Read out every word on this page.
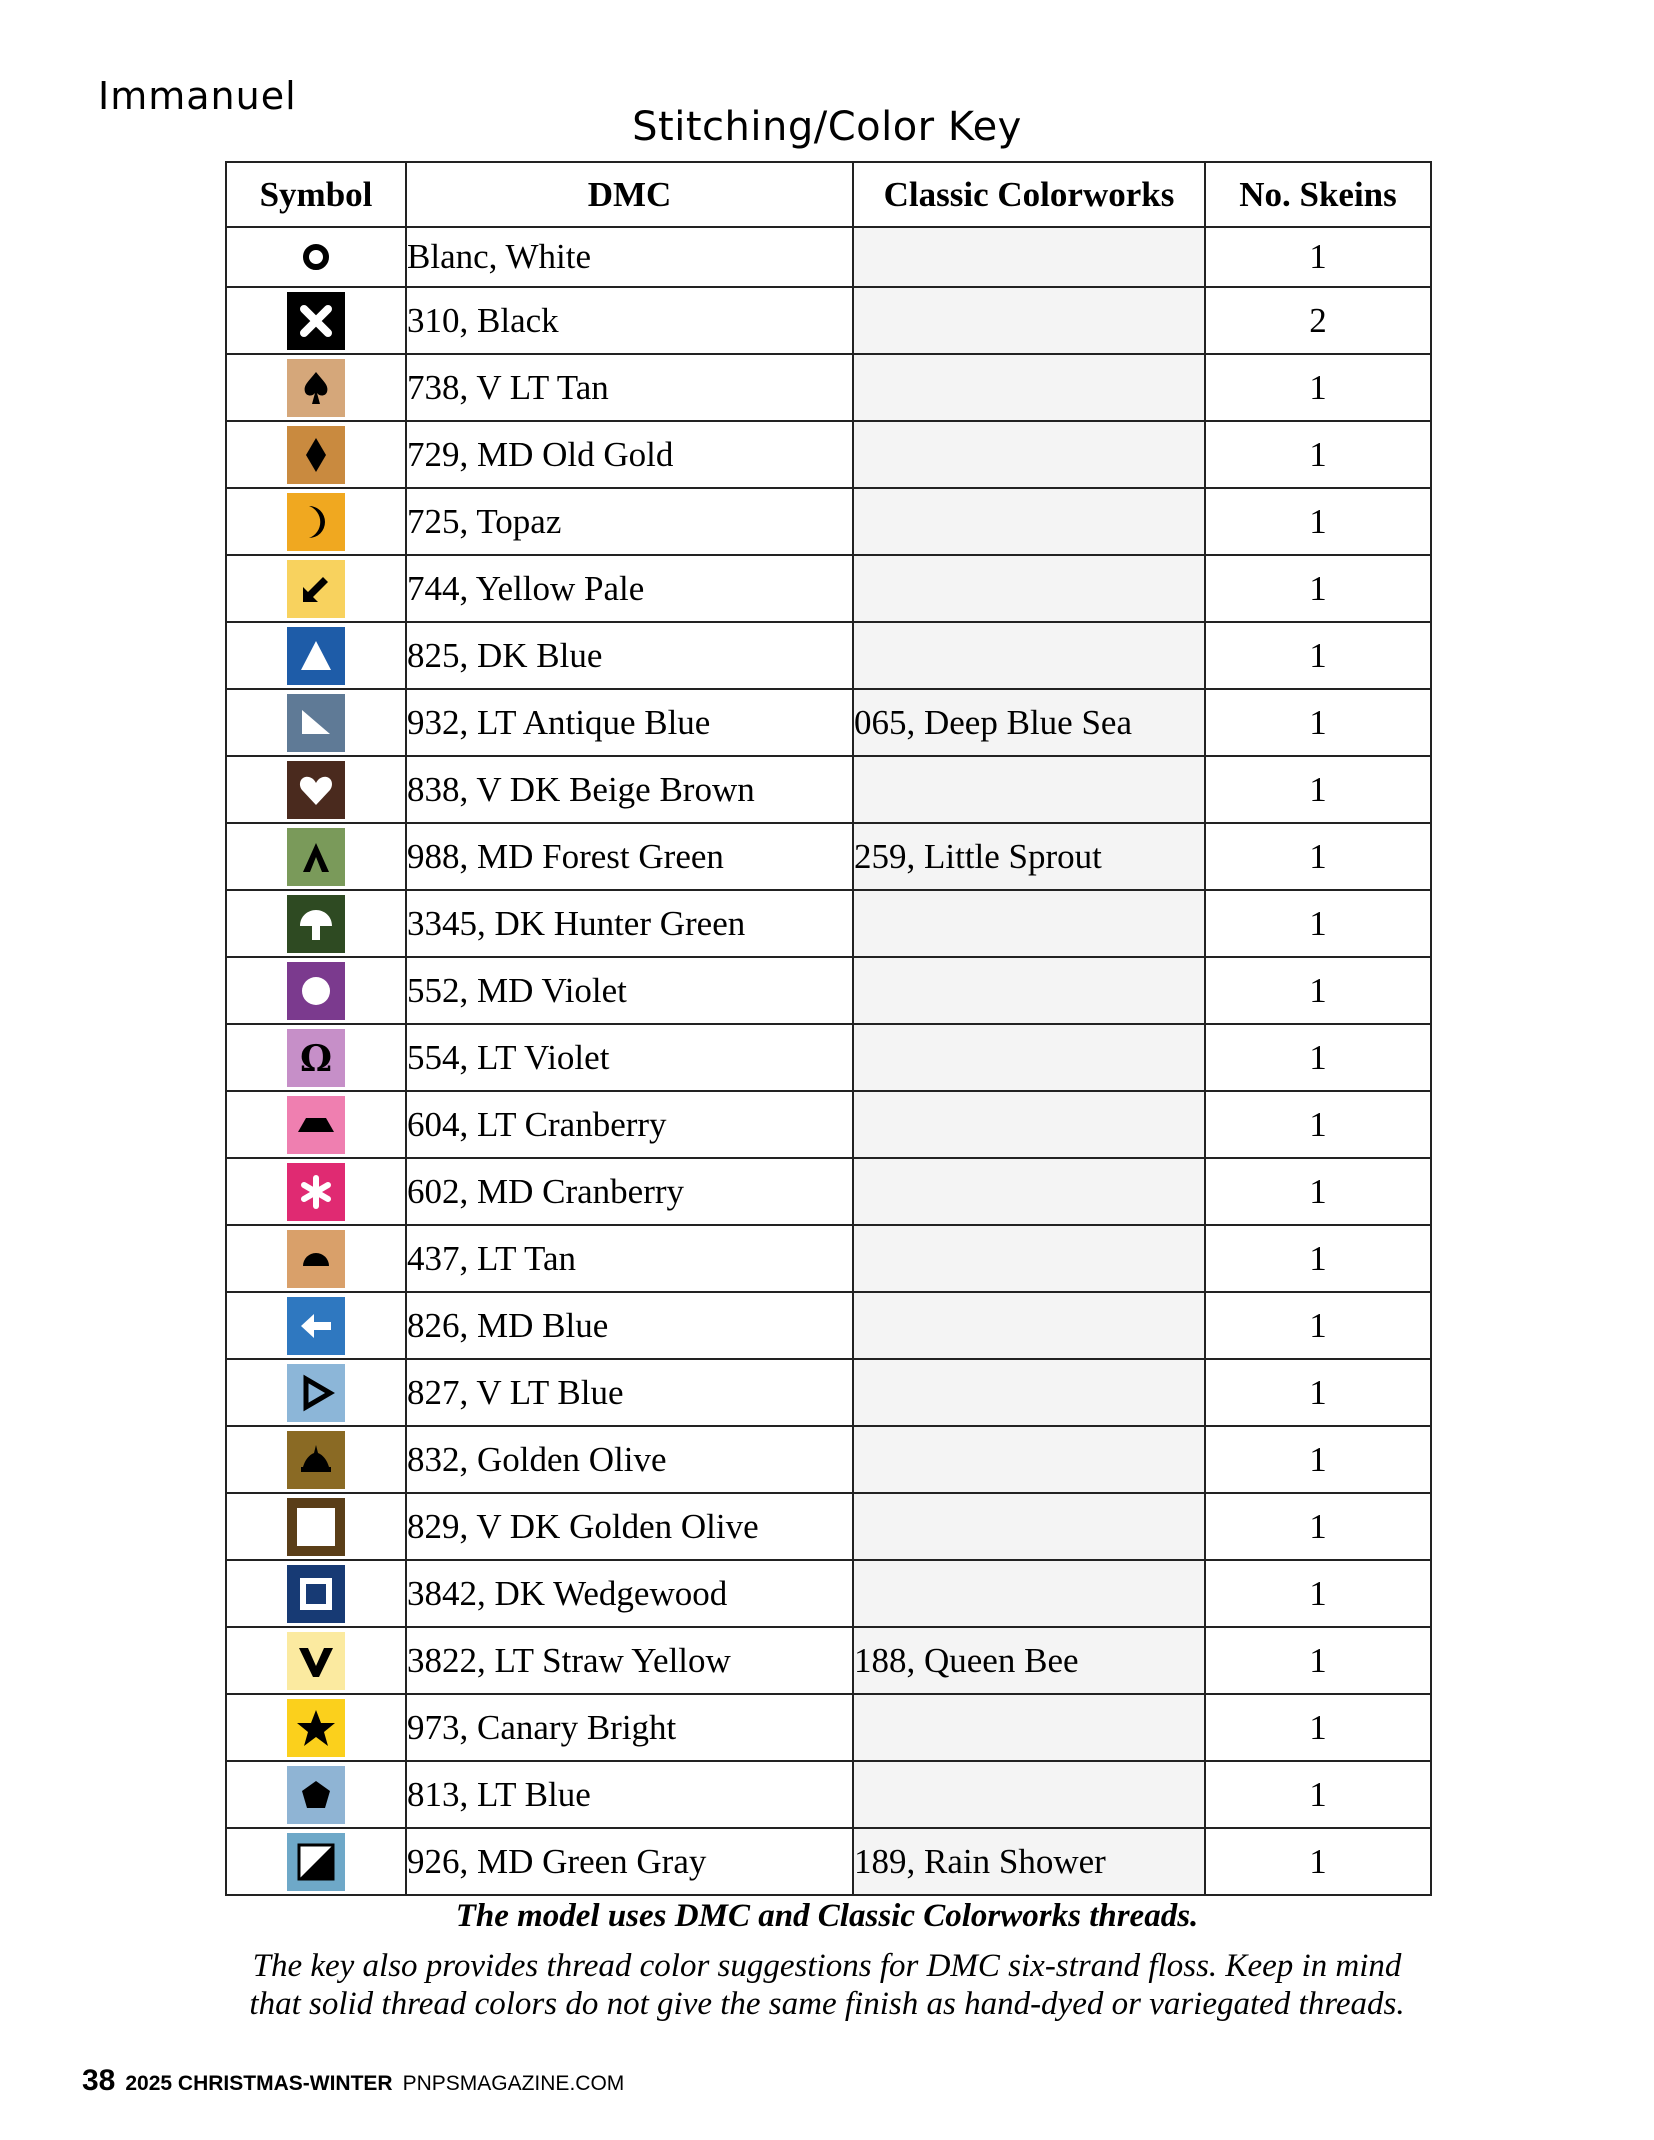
Immanuel
Stitching/Color Key
Symbol	DMC	Classic Colorworks	No. Skeins

	Blanc, White		1

	310, Black		2

	738, V LT Tan		1

	729, MD Old Gold		1

	725, Topaz		1

	744, Yellow Pale		1

	825, DK Blue		1

	932, LT Antique Blue	065, Deep Blue Sea	1

	838, V DK Beige Brown		1

	988, MD Forest Green	259, Little Sprout	1

	3345, DK Hunter Green		1

	552, MD Violet		1

Ω	554, LT Violet		1

	604, LT Cranberry		1

	602, MD Cranberry		1

	437, LT Tan		1

	826, MD Blue		1

	827, V LT Blue		1

	832, Golden Olive		1

	829, V DK Golden Olive		1

	3842, DK Wedgewood		1

	3822, LT Straw Yellow	188, Queen Bee	1

	973, Canary Bright		1

	813, LT Blue		1

	926, MD Green Gray	189, Rain Shower	1
The model uses DMC and Classic Colorworks threads.
The key also provides thread color suggestions for DMC six-strand floss. Keep in mind
that solid thread colors do not give the same finish as hand-dyed or variegated threads.
38 2025 CHRISTMAS-WINTER PNPSMAGAZINE.COM
